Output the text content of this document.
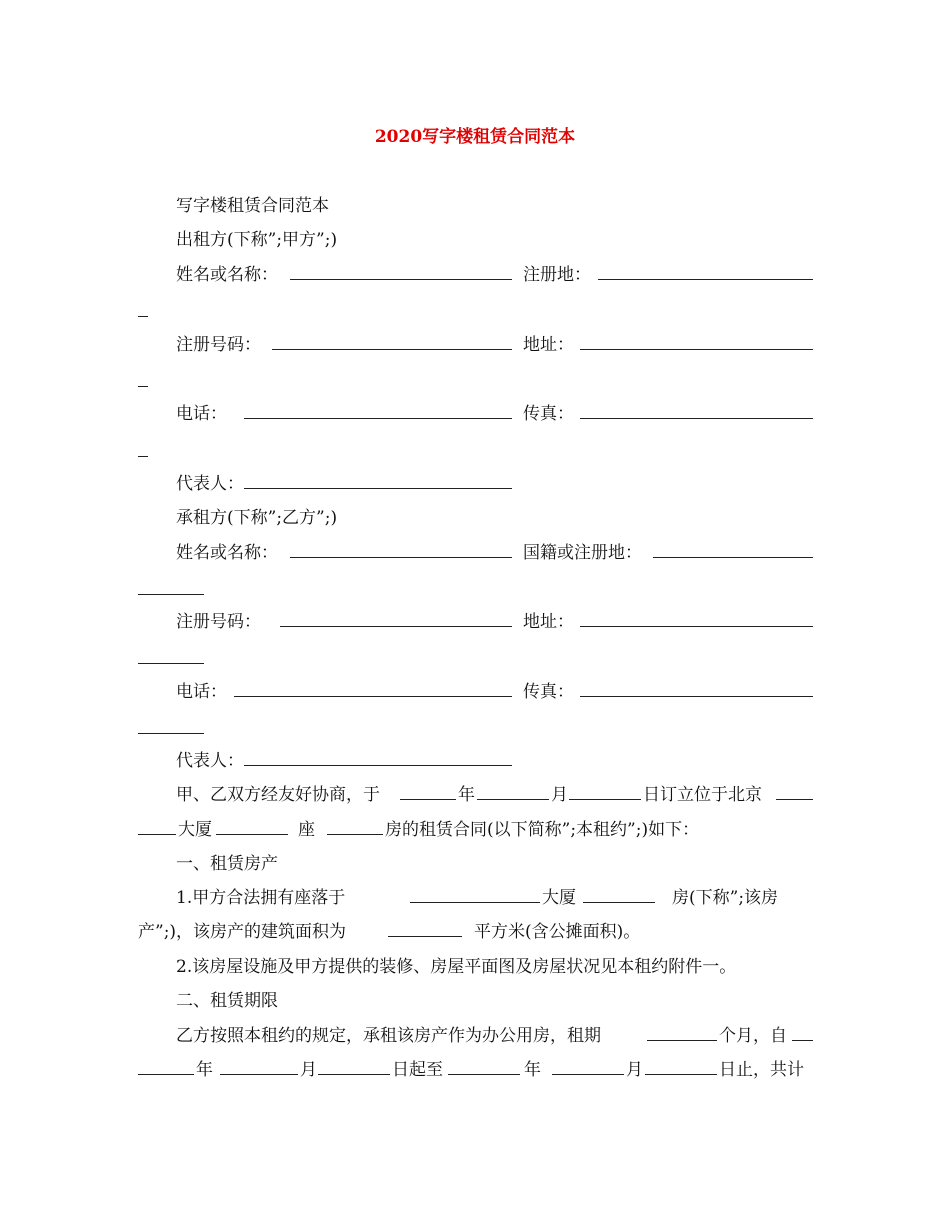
2020写字楼租赁合同范本
写字楼租赁合同范本
出租方(下称”;甲方”;)
姓名或名称：	注册地：
注册号码：	地址：
电话：	传真：
代表人：
承租方(下称”;乙方”;)
姓名或名称：	国籍或注册地：
注册号码：	地址：
电话：	传真：
代表人：
甲、乙双方经友好协商，于	年	月	日订立位于北京
大厦	座	房的租赁合同(以下简称”;本租约”;)如下：
一、租赁房产
1.甲方合法拥有座落于	大厦	房(下称”;该房
产”;)，该房产的建筑面积为	平方米(含公摊面积)。
2.该房屋设施及甲方提供的装修、房屋平面图及房屋状况见本租约附件一。
二、租赁期限
乙方按照本租约的规定，承租该房产作为办公用房，租期	个月，自
年	月	日起至	年	月	日止，共计
